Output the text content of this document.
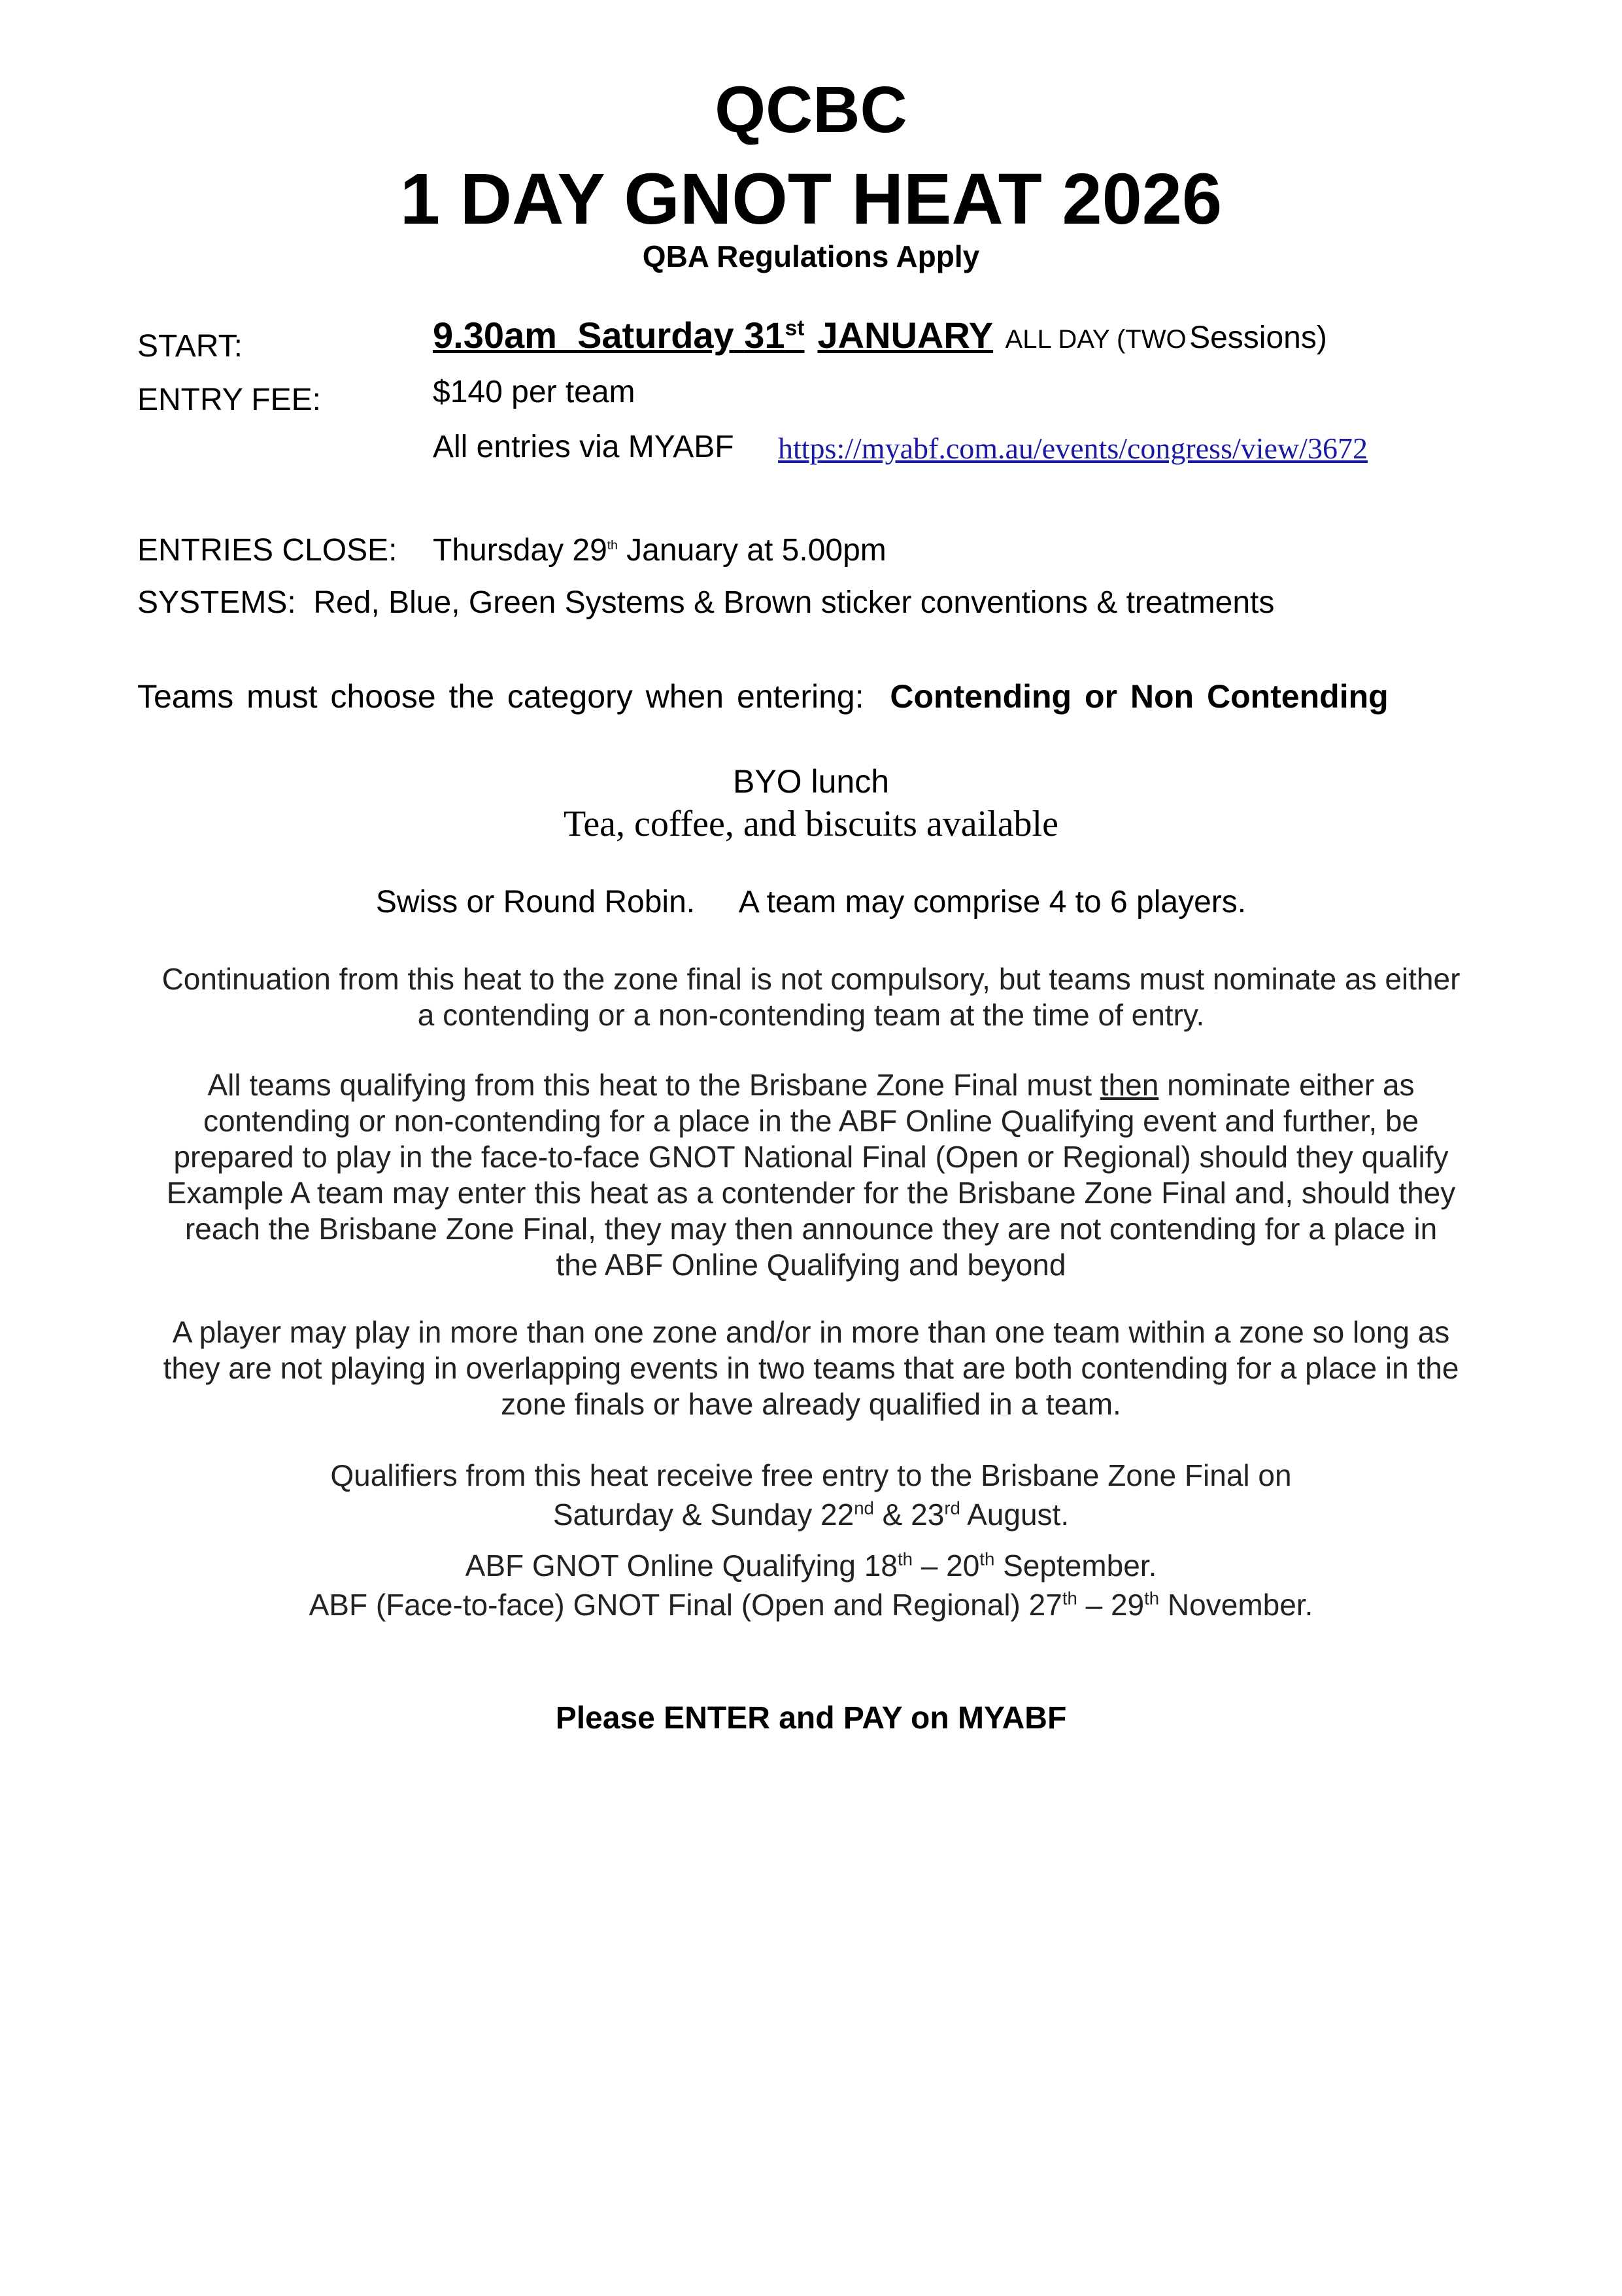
QCBC
1 DAY GNOT HEAT 2026
QBA Regulations Apply
START:	9.30am Saturday 31st JANUARY ALL DAY (TWO Sessions)
ENTRY FEE:	$140 per team
All entries via MYABF https://myabf.com.au/events/congress/view/3672
ENTRIES CLOSE: Thursday 29th January at 5.00pm
SYSTEMS: Red, Blue, Green Systems & Brown sticker conventions & treatments
Teams must choose the category when entering: Contending or Non Contending
BYO lunch
Tea, coffee, and biscuits available
Swiss or Round Robin. A team may comprise 4 to 6 players.
Continuation from this heat to the zone final is not compulsory, but teams must nominate as either
a contending or a non-contending team at the time of entry.
All teams qualifying from this heat to the Brisbane Zone Final must then nominate either as
contending or non-contending for a place in the ABF Online Qualifying event and further, be
prepared to play in the face-to-face GNOT National Final (Open or Regional) should they qualify
Example A team may enter this heat as a contender for the Brisbane Zone Final and, should they
reach the Brisbane Zone Final, they may then announce they are not contending for a place in
the ABF Online Qualifying and beyond
A player may play in more than one zone and/or in more than one team within a zone so long as
they are not playing in overlapping events in two teams that are both contending for a place in the
zone finals or have already qualified in a team.
Qualifiers from this heat receive free entry to the Brisbane Zone Final on
Saturday & Sunday 22nd & 23rd August.
ABF GNOT Online Qualifying 18th – 20th September.
ABF (Face-to-face) GNOT Final (Open and Regional) 27th – 29th November.
Please ENTER and PAY on MYABF
